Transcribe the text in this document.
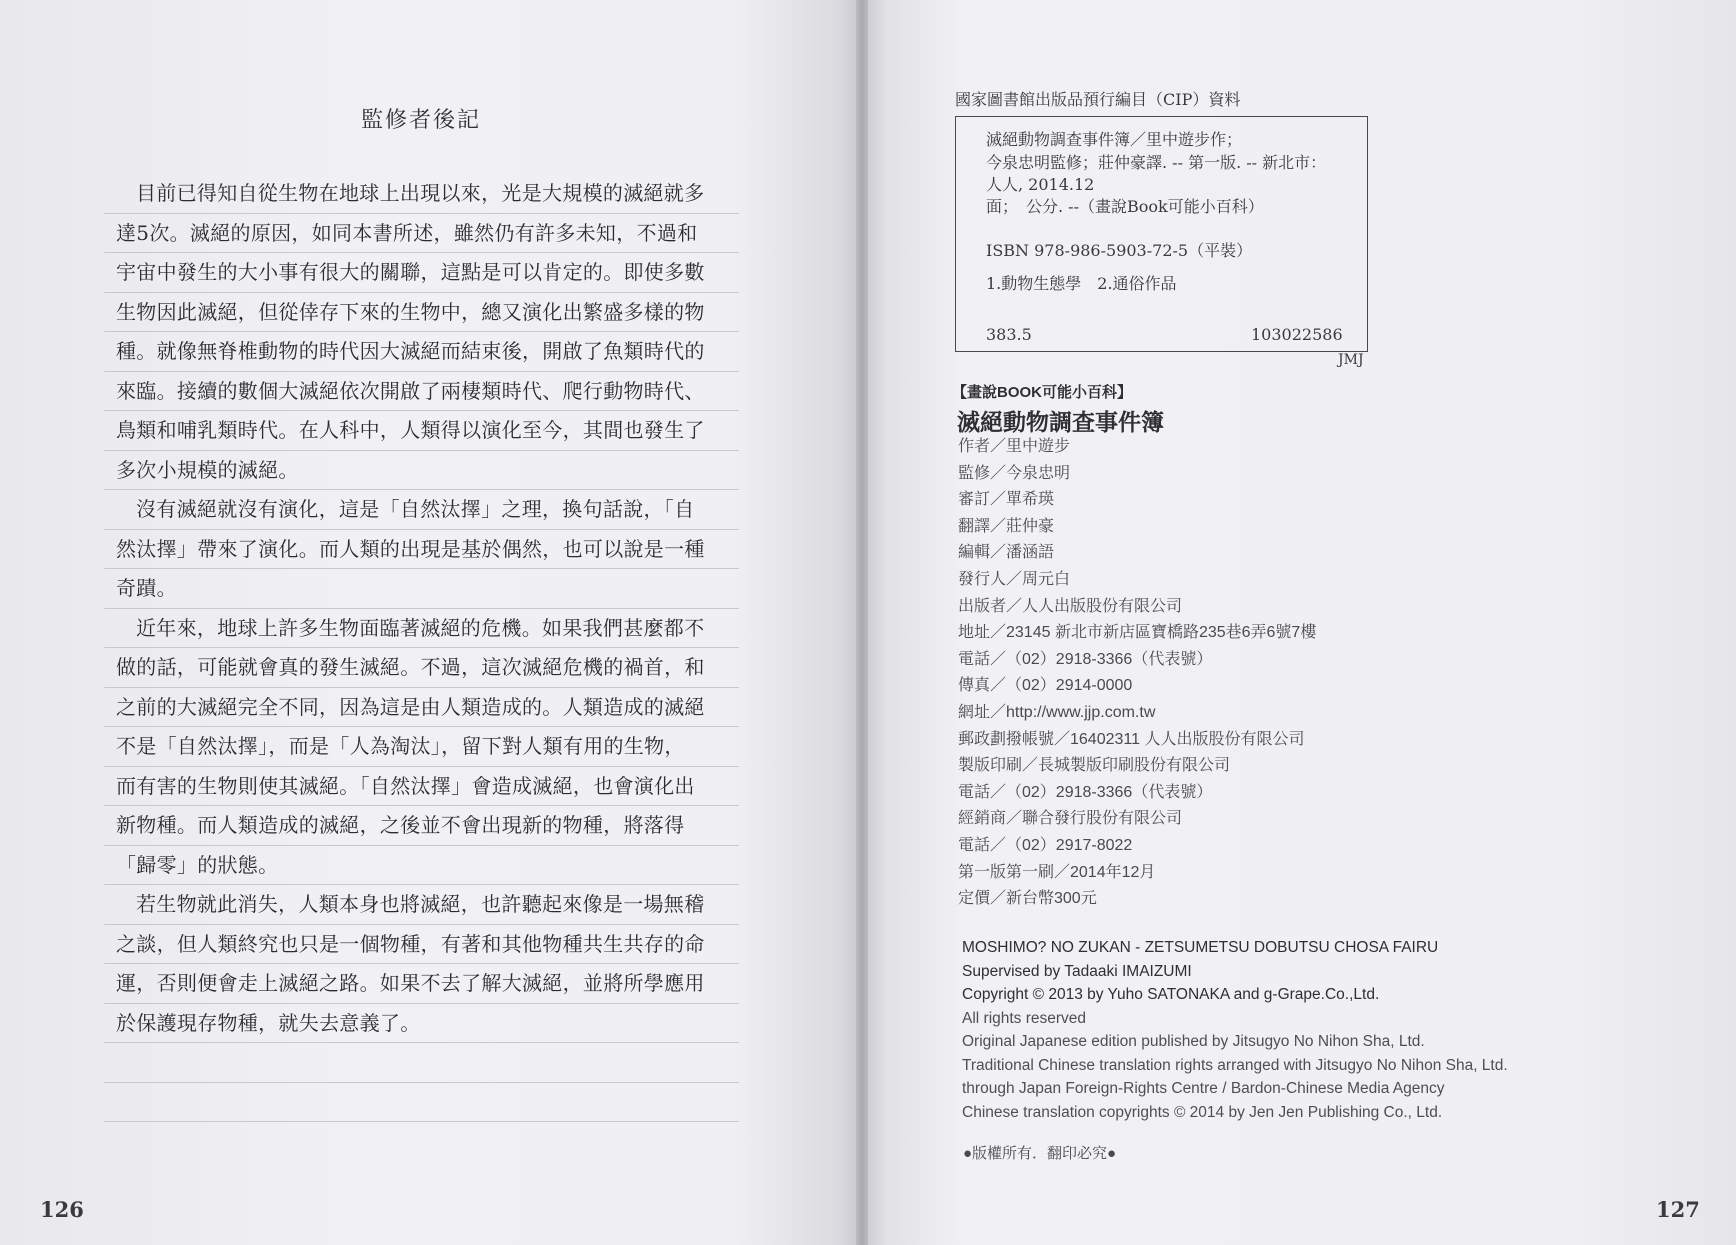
監修者後記
目前已得知自從生物在地球上出現以來，光是大規模的滅絕就多
達5次。滅絕的原因，如同本書所述，雖然仍有許多未知，不過和
宇宙中發生的大小事有很大的關聯，這點是可以肯定的。即使多數
生物因此滅絕，但從倖存下來的生物中，總又演化出繁盛多樣的物
種。就像無脊椎動物的時代因大滅絕而結束後，開啟了魚類時代的
來臨。接續的數個大滅絕依次開啟了兩棲類時代、爬行動物時代、
鳥類和哺乳類時代。在人科中，人類得以演化至今，其間也發生了
多次小規模的滅絕。
沒有滅絕就沒有演化，這是「自然汰擇」之理，換句話說，「自
然汰擇」帶來了演化。而人類的出現是基於偶然，也可以說是一種
奇蹟。
近年來，地球上許多生物面臨著滅絕的危機。如果我們甚麼都不
做的話，可能就會真的發生滅絕。不過，這次滅絕危機的禍首，和
之前的大滅絕完全不同，因為這是由人類造成的。人類造成的滅絕
不是「自然汰擇」，而是「人為淘汰」，留下對人類有用的生物，
而有害的生物則使其滅絕。「自然汰擇」會造成滅絕，也會演化出
新物種。而人類造成的滅絕，之後並不會出現新的物種，將落得
「歸零」的狀態。
若生物就此消失，人類本身也將滅絕，也許聽起來像是一場無稽
之談，但人類終究也只是一個物種，有著和其他物種共生共存的命
運，否則便會走上滅絕之路。如果不去了解大滅絕，並將所學應用
於保護現存物種，就失去意義了。
126	127
國家圖書館出版品預行編目（CIP）資料
滅絕動物調查事件簿／里中遊步作；
今泉忠明監修；莊仲豪譯. -- 第一版. -- 新北市：
人人, 2014.12
面；　公分. --（畫說Book可能小百科）
ISBN 978-986-5903-72-5（平裝）
1.動物生態學　2.通俗作品
383.5	103022586
JMJ
【畫說BOOK可能小百科】
滅絕動物調查事件簿
作者／里中遊步
監修／今泉忠明
審訂／單希瑛
翻譯／莊仲豪
編輯／潘涵語
發行人／周元白
出版者／人人出版股份有限公司
地址／23145 新北市新店區寶橋路235巷6弄6號7樓
電話／（02）2918-3366（代表號）
傳真／（02）2914-0000
網址／http://www.jjp.com.tw
郵政劃撥帳號／16402311 人人出版股份有限公司
製版印刷／長城製版印刷股份有限公司
電話／（02）2918-3366（代表號）
經銷商／聯合發行股份有限公司
電話／（02）2917-8022
第一版第一刷／2014年12月
定價／新台幣300元
MOSHIMO? NO ZUKAN - ZETSUMETSU DOBUTSU CHOSA FAIRU
Supervised by Tadaaki IMAIZUMI
Copyright © 2013 by Yuho SATONAKA and g-Grape.Co.,Ltd.
All rights reserved
Original Japanese edition published by Jitsugyo No Nihon Sha, Ltd.
Traditional Chinese translation rights arranged with Jitsugyo No Nihon Sha, Ltd.
through Japan Foreign-Rights Centre / Bardon-Chinese Media Agency
Chinese translation copyrights © 2014 by Jen Jen Publishing Co., Ltd.
●版權所有．翻印必究●
